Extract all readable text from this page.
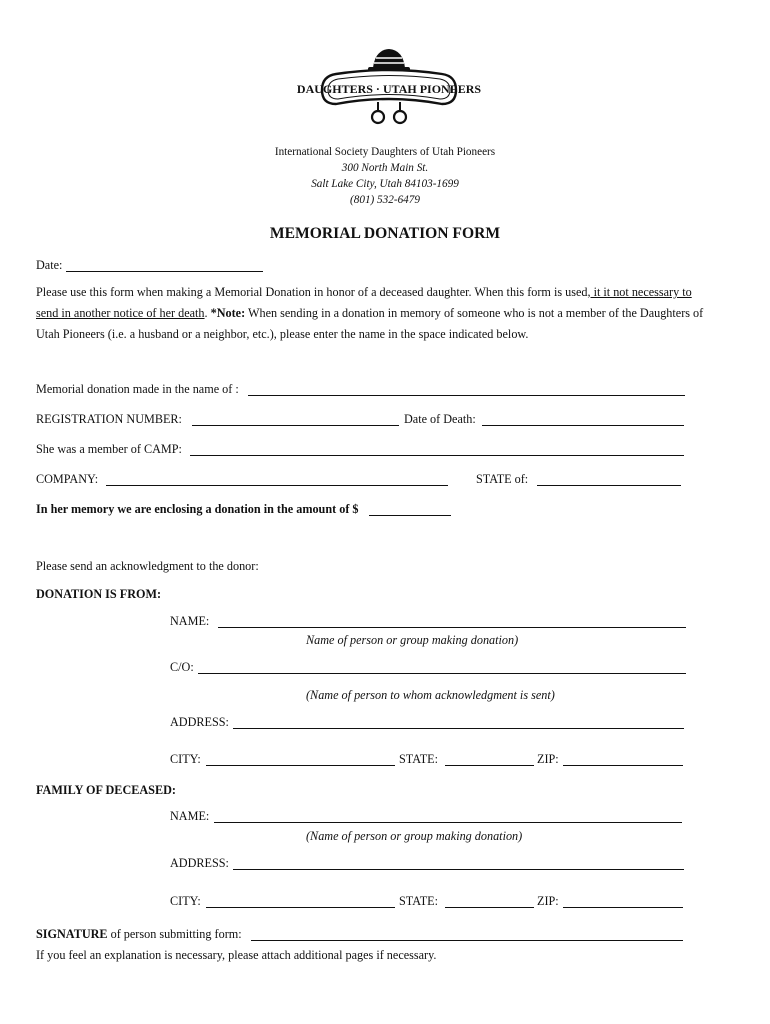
DAUGHTERS · UTAH PIONEERS
International Society Daughters of Utah Pioneers
300 North Main St.
Salt Lake City, Utah 84103-1699
(801) 532-6479
MEMORIAL DONATION FORM
Date:
Please use this form when making a Memorial Donation in honor of a deceased daughter. When this form is used, it it not necessary to
send in another notice of her death. *Note: When sending in a donation in memory of someone who is not a member of the Daughters of
Utah Pioneers (i.e. a husband or a neighbor, etc.), please enter the name in the space indicated below.
Memorial donation made in the name of :
REGISTRATION NUMBER:	Date of Death:
She was a member of CAMP:
COMPANY:	STATE of:
In her memory we are enclosing a donation in the amount of $
Please send an acknowledgment to the donor:
DONATION IS FROM:
NAME:
Name of person or group making donation)
C/O:
(Name of person to whom acknowledgment is sent)
ADDRESS:
CITY:	STATE:	ZIP:
FAMILY OF DECEASED:
NAME:
(Name of person or group making donation)
ADDRESS:
CITY:	STATE:	ZIP:
SIGNATURE of person submitting form:
If you feel an explanation is necessary, please attach additional pages if necessary.
